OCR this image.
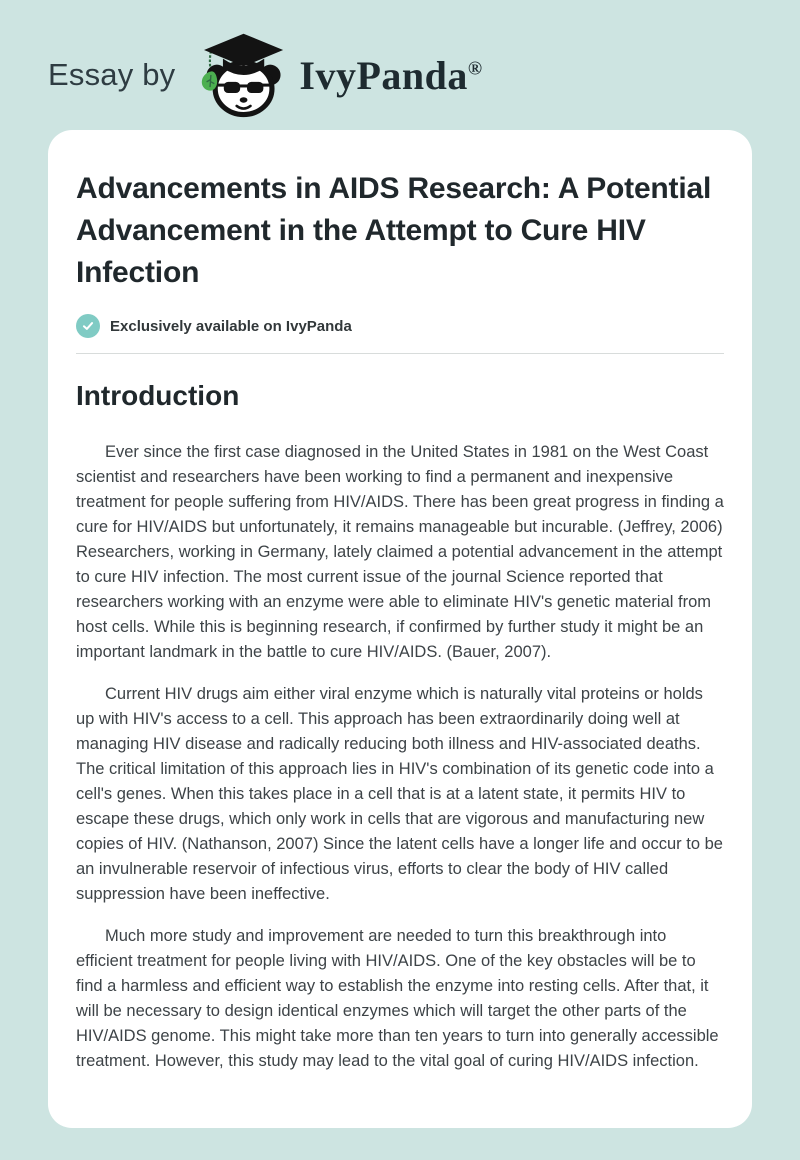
Essay by	IvyPanda®
Advancements in AIDS Research: A Potential Advancement in the Attempt to Cure HIV Infection
Exclusively available on IvyPanda
Introduction

Ever since the first case diagnosed in the United States in 1981 on the West Coast scientist and researchers have been working to find a permanent and inexpensive treatment for people suffering from HIV/AIDS. There has been great progress in finding a cure for HIV/AIDS but unfortunately, it remains manageable but incurable. (Jeffrey, 2006) Researchers, working in Germany, lately claimed a potential advancement in the attempt to cure HIV infection. The most current issue of the journal Science reported that researchers working with an enzyme were able to eliminate HIV's genetic material from host cells. While this is beginning research, if confirmed by further study it might be an important landmark in the battle to cure HIV/AIDS. (Bauer, 2007).

Current HIV drugs aim either viral enzyme which is naturally vital proteins or holds up with HIV's access to a cell. This approach has been extraordinarily doing well at managing HIV disease and radically reducing both illness and HIV-associated deaths. The critical limitation of this approach lies in HIV's combination of its genetic code into a cell's genes. When this takes place in a cell that is at a latent state, it permits HIV to escape these drugs, which only work in cells that are vigorous and manufacturing new copies of HIV. (Nathanson, 2007) Since the latent cells have a longer life and occur to be an invulnerable reservoir of infectious virus, efforts to clear the body of HIV called suppression have been ineffective.

Much more study and improvement are needed to turn this breakthrough into efficient treatment for people living with HIV/AIDS. One of the key obstacles will be to find a harmless and efficient way to establish the enzyme into resting cells. After that, it will be necessary to design identical enzymes which will target the other parts of the HIV/AIDS genome. This might take more than ten years to turn into generally accessible treatment. However, this study may lead to the vital goal of curing HIV/AIDS infection.
